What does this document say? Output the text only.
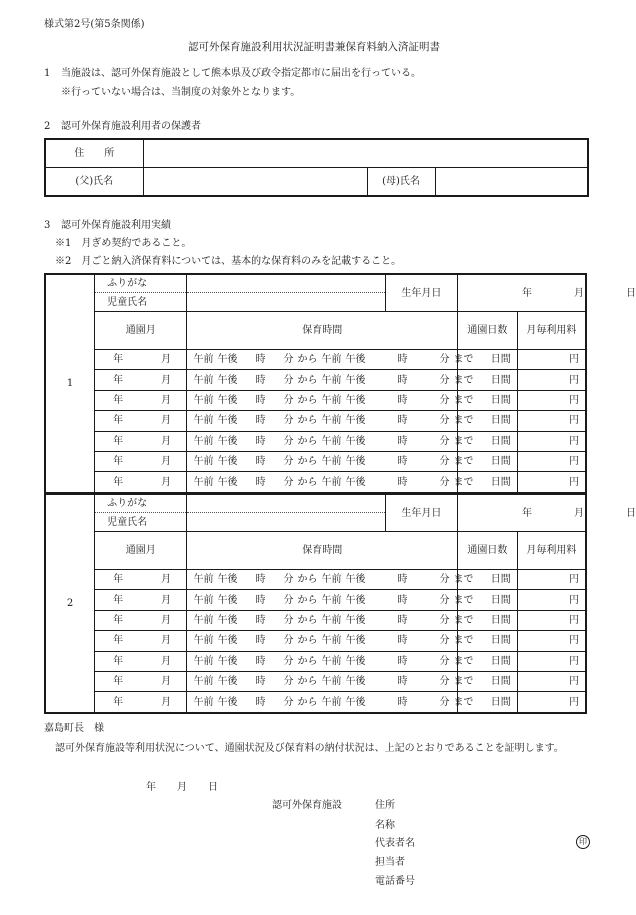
様式第2号(第5条関係)
認可外保育施設利用状況証明書兼保育料納入済証明書
1 当施設は、認可外保育施設として熊本県及び政令指定都市に届出を行っている。
※行っていない場合は、当制度の対象外となります。
2 認可外保育施設利用者の保護者
住　　所			
(父)氏名		(母)氏名	
3 認可外保育施設利用実績
※1　月ぎめ契約であること。
※2　月ごと納入済保育料については、基本的な保育料のみを記載すること。
1	ふりがな		生年月日	年 月 日	
	児童氏名				
	通園月	保育時間		通園日数	月毎利用料
	年 月	午前 午後 時 分 から 午前 午後 時 分 まで		日間	円
	年 月	午前 午後 時 分 から 午前 午後 時 分 まで		日間	円
	年 月	午前 午後 時 分 から 午前 午後 時 分 まで		日間	円
	年 月	午前 午後 時 分 から 午前 午後 時 分 まで		日間	円
	年 月	午前 午後 時 分 から 午前 午後 時 分 まで		日間	円
	年 月	午前 午後 時 分 から 午前 午後 時 分 まで		日間	円
	年 月	午前 午後 時 分 から 午前 午後 時 分 まで		日間	円
2	ふりがな		生年月日	年 月 日	
	児童氏名				
	通園月	保育時間		通園日数	月毎利用料
	年 月	午前 午後 時 分 から 午前 午後 時 分 まで		日間	円
	年 月	午前 午後 時 分 から 午前 午後 時 分 まで		日間	円
	年 月	午前 午後 時 分 から 午前 午後 時 分 まで		日間	円
	年 月	午前 午後 時 分 から 午前 午後 時 分 まで		日間	円
	年 月	午前 午後 時 分 から 午前 午後 時 分 まで		日間	円
	年 月	午前 午後 時 分 から 午前 午後 時 分 まで		日間	円
	年 月	午前 午後 時 分 から 午前 午後 時 分 まで		日間	円
嘉島町長　様
認可外保育施設等利用状況について、通園状況及び保育料の納付状況は、上記のとおりであることを証明します。
年 月 日
認可外保育施設	住所
名称
代表者名	印
担当者
電話番号
